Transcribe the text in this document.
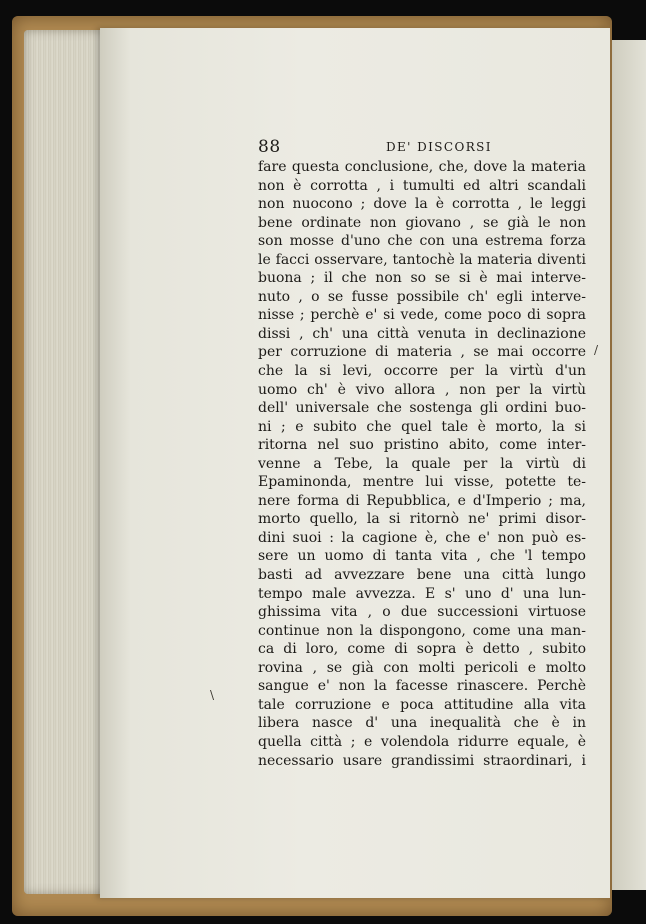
88	DE' DISCORSI
fare questa conclusione, che, dove la materia
non è corrotta , i tumulti ed altri scandali
non nuocono ; dove la è corrotta , le leggi
bene ordinate non giovano , se già le non
son mosse d'uno che con una estrema forza
le facci osservare, tantochè la materia diventi
buona ; il che non so se si è mai interve-
nuto , o se fusse possibile ch' egli interve-
nisse ; perchè e' si vede, come poco di sopra
dissi , ch' una città venuta in declinazione
per corruzione di materia , se mai occorre
che la si levi, occorre per la virtù d'un
uomo ch' è vivo allora , non per la virtù
dell' universale che sostenga gli ordini buo-
ni ; e subito che quel tale è morto, la si
ritorna nel suo pristino abito, come inter-
venne a Tebe, la quale per la virtù di
Epaminonda, mentre lui visse, potette te-
nere forma di Repubblica, e d'Imperio ; ma,
morto quello, la si ritornò ne' primi disor-
dini suoi : la cagione è, che e' non può es-
sere un uomo di tanta vita , che 'l tempo
basti ad avvezzare bene una città lungo
tempo male avvezza. E s' uno d' una lun-
ghissima vita , o due successioni virtuose
continue non la dispongono, come una man-
ca di loro, come di sopra è detto , subito
rovina , se già con molti pericoli e molto
sangue e' non la facesse rinascere. Perchè
tale corruzione e poca attitudine alla vita
libera nasce d' una inequalità che è in
quella città ; e volendola ridurre equale, è
necessario usare grandissimi straordinari, i
/
\
